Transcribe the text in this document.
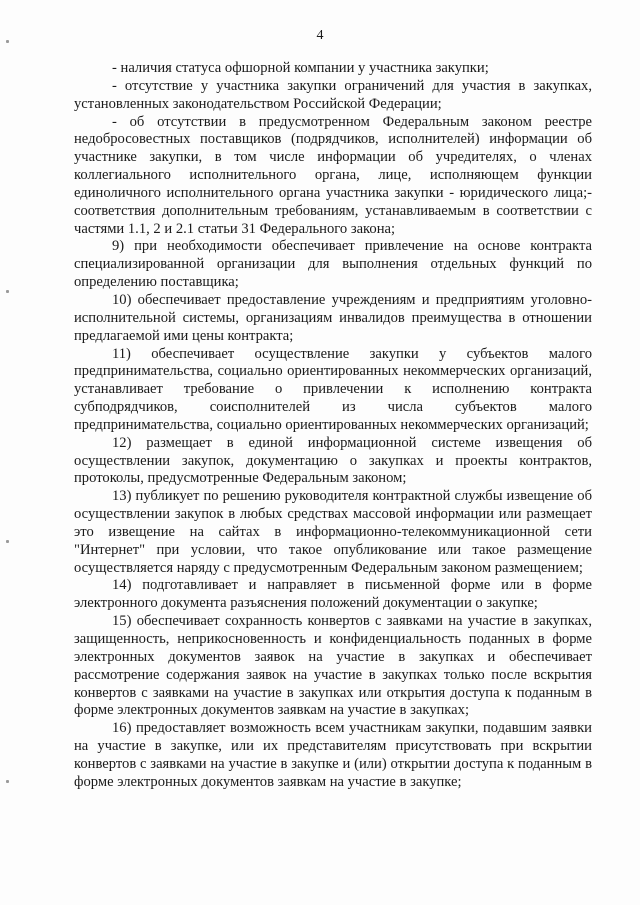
4

- наличия статуса офшорной компании у участника закупки;

- отсутствие у участника закупки ограничений для участия в закупках, установленных законодательством Российской Федерации;

- об отсутствии в предусмотренном Федеральным законом реестре недобросовестных поставщиков (подрядчиков, исполнителей) информации об участнике закупки, в том числе информации об учредителях, о членах коллегиального исполнительного органа, лице, исполняющем функции единоличного исполнительного органа участника закупки - юридического лица;- соответствия дополнительным требованиям, устанавливаемым в соответствии с частями 1.1, 2 и 2.1 статьи 31 Федерального закона;

9) при необходимости обеспечивает привлечение на основе контракта специализированной организации для выполнения отдельных функций по определению поставщика;

10) обеспечивает предоставление учреждениям и предприятиям уголовно-исполнительной системы, организациям инвалидов преимущества в отношении предлагаемой ими цены контракта;

11) обеспечивает осуществление закупки у субъектов малого предпринимательства, социально ориентированных некоммерческих организаций, устанавливает требование о привлечении к исполнению контракта субподрядчиков, соисполнителей из числа субъектов малого предпринимательства, социально ориентированных некоммерческих организаций;

12) размещает в единой информационной системе извещения об осуществлении закупок, документацию о закупках и проекты контрактов, протоколы, предусмотренные Федеральным законом;

13) публикует по решению руководителя контрактной службы извещение об осуществлении закупок в любых средствах массовой информации или размещает это извещение на сайтах в информационно-телекоммуникационной сети "Интернет" при условии, что такое опубликование или такое размещение осуществляется наряду с предусмотренным Федеральным законом размещением;

14) подготавливает и направляет в письменной форме или в форме электронного документа разъяснения положений документации о закупке;

15) обеспечивает сохранность конвертов с заявками на участие в закупках, защищенность, неприкосновенность и конфиденциальность поданных в форме электронных документов заявок на участие в закупках и обеспечивает рассмотрение содержания заявок на участие в закупках только после вскрытия конвертов с заявками на участие в закупках или открытия доступа к поданным в форме электронных документов заявкам на участие в закупках;

16) предоставляет возможность всем участникам закупки, подавшим заявки на участие в закупке, или их представителям присутствовать при вскрытии конвертов с заявками на участие в закупке и (или) открытии доступа к поданным в форме электронных документов заявкам на участие в закупке;
